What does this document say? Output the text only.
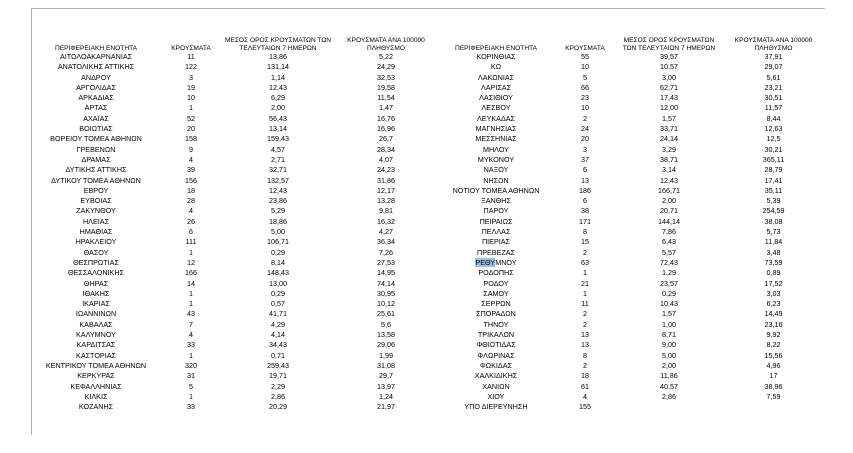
ΠΕΡΙΦΕΡΕΙΑΚΗ ΕΝΟΤΗΤΑ	ΚΡΟΥΣΜΑΤΑ	ΜΕΣΟΣ ΟΡΟΣ ΚΡΟΥΣΜΑΤΩΝ ΤΩΝ ΤΕΛΕΥΤΑΙΩΝ 7 ΗΜΕΡΩΝ	ΚΡΟΥΣΜΑΤΑ ΑΝΑ 100000 ΠΛΗΘΥΣΜΟ	ΠΕΡΙΦΕΡΕΙΑΚΗ ΕΝΟΤΗΤΑ	ΚΡΟΥΣΜΑΤΑ	ΜΕΣΟΣ ΟΡΟΣ ΚΡΟΥΣΜΑΤΩΝ ΤΩΝ ΤΕΛΕΥΤΑΙΩΝ 7 ΗΜΕΡΩΝ	ΚΡΟΥΣΜΑΤΑ ΑΝΑ 100000 ΠΛΗΘΥΣΜΟ
ΑΙΤΩΛΟΑΚΑΡΝΑΝΙΑΣ	11	13,86	5,22	ΚΟΡΙΝΘΙΑΣ	55	39,57	37,91
ΑΝΑΤΟΛΙΚΗΣ ΑΤΤΙΚΗΣ	122	131,14	24,29	ΚΩ	10	10,57	29,07
ΑΝΔΡΟΥ	3	1,14	32,53	ΛΑΚΩΝΙΑΣ	5	3,00	5,61
ΑΡΓΟΛΙΔΑΣ	19	12,43	19,58	ΛΑΡΙΣΑΣ	66	62,71	23,21
ΑΡΚΑΔΙΑΣ	10	6,29	11,54	ΛΑΣΙΘΙΟΥ	23	17,43	30,51
ΑΡΤΑΣ	1	2,00	1,47	ΛΕΣΒΟΥ	10	12,00	11,57
ΑΧΑΪΑΣ	52	56,43	16,76	ΛΕΥΚΑΔΑΣ	2	1,57	8,44
ΒΟΙΩΤΙΑΣ	20	13,14	16,96	ΜΑΓΝΗΣΙΑΣ	24	33,71	12,63
ΒΟΡΕΙΟΥ ΤΟΜΕΑ ΑΘΗΝΩΝ	158	159,43	26,7	ΜΕΣΣΗΝΙΑΣ	20	24,14	12,5
ΓΡΕΒΕΝΩΝ	9	4,57	28,34	ΜΗΛΟΥ	3	3,29	30,21
ΔΡΑΜΑΣ	4	2,71	4,07	ΜΥΚΟΝΟΥ	37	38,71	365,11
ΔΥΤΙΚΗΣ ΑΤΤΙΚΗΣ	39	32,71	24,23	ΝΑΞΟΥ	6	3,14	28,79
ΔΥΤΙΚΟΥ ΤΟΜΕΑ ΑΘΗΝΩΝ	156	132,57	31,86	ΝΗΣΩΝ	13	12,43	17,41
ΕΒΡΟΥ	18	12,43	12,17	ΝΟΤΙΟΥ ΤΟΜΕΑ ΑΘΗΝΩΝ	186	166,71	35,11
ΕΥΒΟΙΑΣ	28	23,86	13,28	ΞΑΝΘΗΣ	6	2,00	5,39
ΖΑΚΥΝΘΟΥ	4	5,29	9,81	ΠΑΡΟΥ	38	20,71	254,59
ΗΛΕΙΑΣ	26	18,86	16,32	ΠΕΙΡΑΙΩΣ	171	144,14	38,08
ΗΜΑΘΙΑΣ	6	5,00	4,27	ΠΕΛΛΑΣ	8	7,86	5,73
ΗΡΑΚΛΕΙΟΥ	111	106,71	36,34	ΠΙΕΡΙΑΣ	15	6,43	11,84
ΘΑΣΟΥ	1	0,29	7,26	ΠΡΕΒΕΖΑΣ	2	5,57	3,48
ΘΕΣΠΡΩΤΙΑΣ	12	8,14	27,53	ΡΕΘΥΜΝΟΥ	63	72,43	73,59
ΘΕΣΣΑΛΟΝΙΚΗΣ	166	148,43	14,95	ΡΟΔΟΠΗΣ	1	1,29	0,89
ΘΗΡΑΣ	14	13,00	74,14	ΡΟΔΟΥ	21	23,57	17,52
ΙΘΑΚΗΣ	1	0,29	30,95	ΣΑΜΟΥ	1	0,29	3,03
ΙΚΑΡΙΑΣ	1	0,57	10,12	ΣΕΡΡΩΝ	11	10,43	6,23
ΙΩΑΝΝΙΝΩΝ	43	41,71	25,61	ΣΠΟΡΑΔΩΝ	2	1,57	14,49
ΚΑΒΑΛΑΣ	7	4,29	5,6	ΤΗΝΟΥ	2	1,00	23,16
ΚΑΛΥΜΝΟΥ	4	4,14	13,58	ΤΡΙΚΑΛΩΝ	13	8,71	9,92
ΚΑΡΔΙΤΣΑΣ	33	34,43	29,06	ΦΘΙΩΤΙΔΑΣ	13	9,00	8,22
ΚΑΣΤΟΡΙΑΣ	1	0,71	1,99	ΦΛΩΡΙΝΑΣ	8	5,00	15,56
ΚΕΝΤΡΙΚΟΥ ΤΟΜΕΑ ΑΘΗΝΩΝ	320	259,43	31,08	ΦΩΚΙΔΑΣ	2	2,00	4,96
ΚΕΡΚΥΡΑΣ	31	19,71	29,7	ΧΑΛΚΙΔΙΚΗΣ	18	11,86	17
ΚΕΦΑΛΛΗΝΙΑΣ	5	2,29	13,97	ΧΑΝΙΩΝ	61	40,57	38,96
ΚΙΛΚΙΣ	1	2,86	1,24	ΧΙΟΥ	4	2,86	7,59
ΚΟΖΑΝΗΣ	33	20,29	21,97	ΥΠΟ ΔΙΕΡΕΥΝΗΣΗ	155		
